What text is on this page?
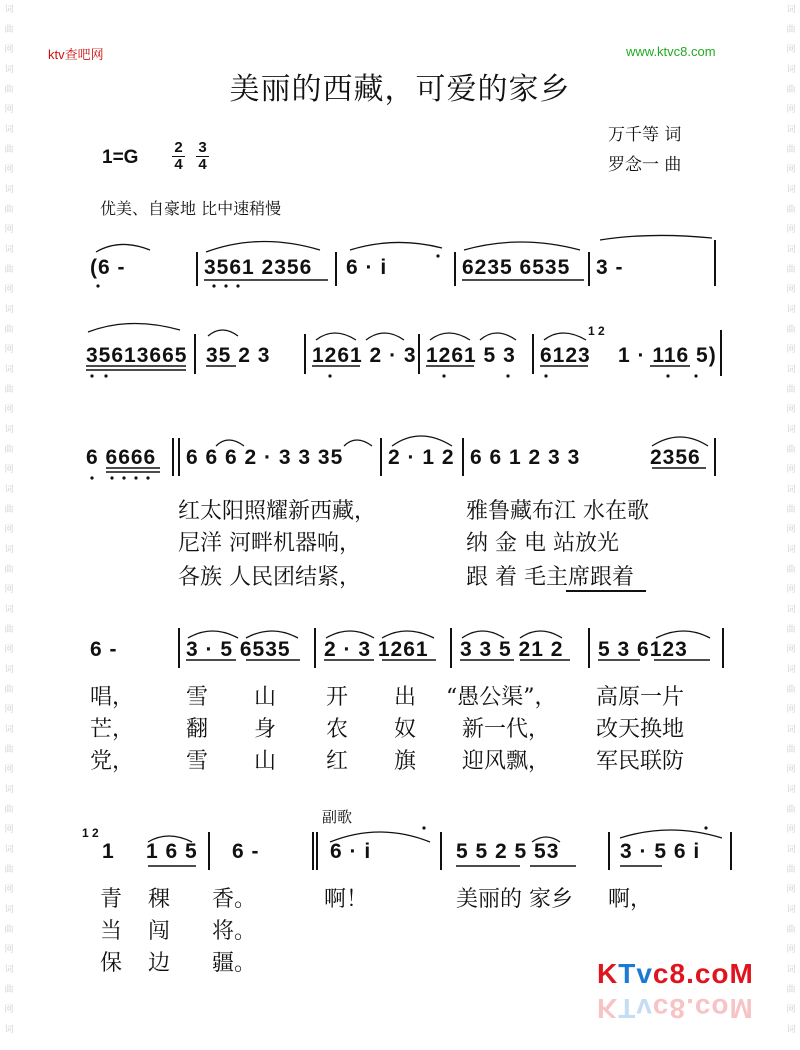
词
曲
网
词
曲
网
词
曲
网
词
曲
网
词
曲
网
词
曲
网
词
曲
网
词
曲
网
词
曲
网
词
曲
网
词
曲
网
词
曲
网
词
曲
网
词
曲
网
词
曲
网
词
曲
网
词
曲
网
词
词
曲
网
词
曲
网
词
曲
网
词
曲
网
词
曲
网
词
曲
网
词
曲
网
词
曲
网
词
曲
网
词
曲
网
词
曲
网
词
曲
网
词
曲
网
词
曲
网
词
曲
网
词
曲
网
词
曲
网
词
ktv查吧网	www.ktvc8.com
美丽的西藏，可爱的家乡
1=G 2
4
3
4
万千等 词
罗念一 曲
优美、自豪地 比中速稍慢
(6 -	3561 2356 6 · i	6235 6535 3 -
35613665 35 2 3 1261 2 · 3 1261 5 3 6123 1 · 116 5)
1 2
6 6666 6 6 6 2 · 3 3 35 2 · 1 2 6 6 1 2 3 3	2356
红太阳照耀新西藏，	雅鲁藏布江 水在歌
尼洋 河畔机器响，	纳 金 电 站放光
各族 人民团结紧，	跟 着 毛主席跟着
6 -	3 · 5 6535 2 · 3 1261 3 3 5 21 2 5 3 6123
唱， 雪 山 开 出 “愚公渠”， 高原一片
芒， 翻 身 农 奴 新一代， 改天换地
党， 雪 山 红 旗 迎风飘， 军民联防
副歌
1 2
1 1 6 5 6 -	6 · i	5 5 2 5 53	3 · 5 6 i
青 稞 香。	啊！	美丽的 家乡 啊，
当 闯 将。
保 边 疆。	KTvc8.coM
KTvc8.coM
